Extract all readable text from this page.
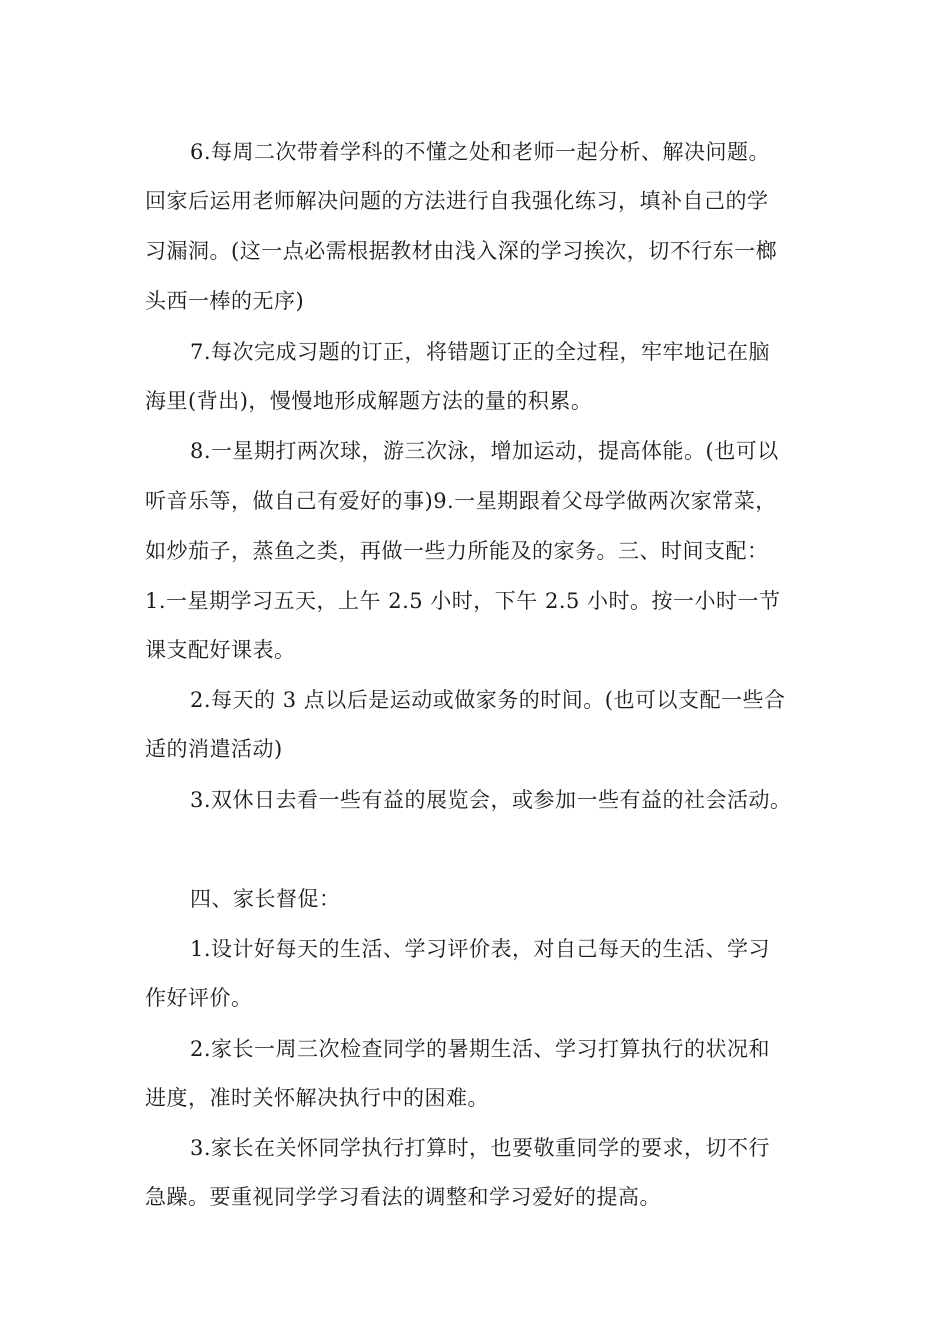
6.每周二次带着学科的不懂之处和老师一起分析、解决问题。
回家后运用老师解决问题的方法进行自我强化练习，填补自己的学
习漏洞。(这一点必需根据教材由浅入深的学习挨次，切不行东一榔
头西一棒的无序)
7.每次完成习题的订正，将错题订正的全过程，牢牢地记在脑
海里(背出)，慢慢地形成解题方法的量的积累。
8.一星期打两次球，游三次泳，增加运动，提高体能。(也可以
听音乐等，做自己有爱好的事)9.一星期跟着父母学做两次家常菜，
如炒茄子，蒸鱼之类，再做一些力所能及的家务。三、时间支配：
1.一星期学习五天，上午 2.5 小时，下午 2.5 小时。按一小时一节
课支配好课表。
2.每天的 3 点以后是运动或做家务的时间。(也可以支配一些合
适的消遣活动)
3.双休日去看一些有益的展览会，或参加一些有益的社会活动。
四、家长督促：
1.设计好每天的生活、学习评价表，对自己每天的生活、学习
作好评价。
2.家长一周三次检查同学的暑期生活、学习打算执行的状况和
进度，准时关怀解决执行中的困难。
3.家长在关怀同学执行打算时，也要敬重同学的要求，切不行
急躁。要重视同学学习看法的调整和学习爱好的提高。
